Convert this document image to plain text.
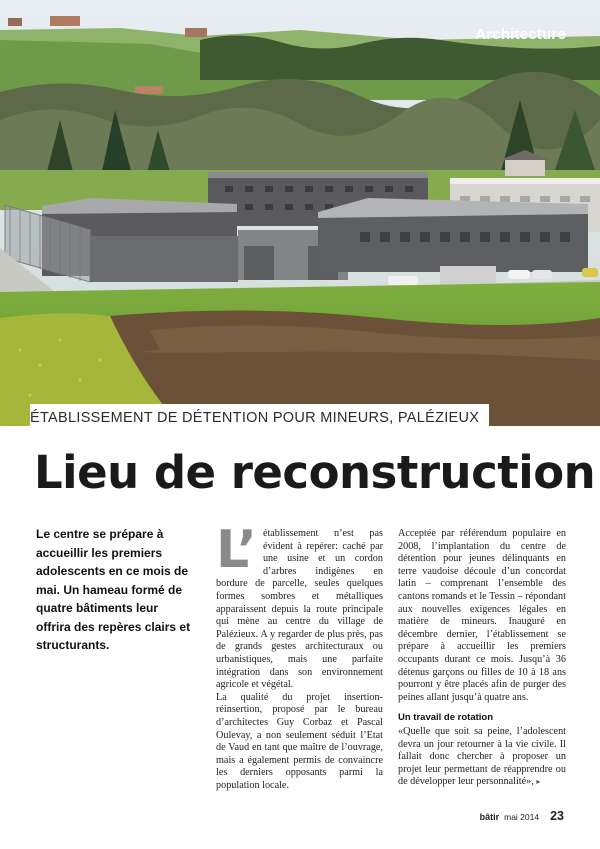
Architecture
ÉTABLISSEMENT DE DÉTENTION POUR MINEURS, PALÉZIEUX
Lieu de reconstruction

Le centre se prépare à accueillir les premiers adolescents en ce mois de mai. Un hameau formé de quatre bâtiments leur offrira des repères clairs et structurants.

L’ établissement n’est pas évident à repérer: caché par une usine et un cordon d’arbres indigènes en bordure de parcelle, seules quelques formes sombres et métalliques apparaissent depuis la route principale qui mène au centre du village de Palézieux. A y regarder de plus près, pas de grands gestes architecturaux ou urbanistiques, mais une parfaite intégration dans son environnement agricole et végétal.

La qualité du projet insertion-réinsertion, proposé par le bureau d’architectes Guy Corbaz et Pascal Oulevay, a non seulement séduit l’Etat de Vaud en tant que maître de l’ouvrage, mais a également permis de convaincre les derniers opposants parmi la population locale.

Acceptée par référendum populaire en 2008, l’implantation du centre de détention pour jeunes délinquants en terre vaudoise découle d’un concordat latin – comprenant l’ensemble des cantons romands et le Tessin – répondant aux nouvelles exigences légales en matière de mineurs. Inauguré en décembre dernier, l’établissement se prépare à accueillir les premiers occupants durant ce mois. Jusqu’à 36 détenus garçons ou filles de 10 à 18 ans pourront y être placés afin de purger des peines allant jusqu’à quatre ans.

Un travail de rotation

«Quelle que soit sa peine, l’adolescent devra un jour retourner à la vie civile. Il fallait donc chercher à proposer un projet leur permettant de réapprendre ou de développer leur personnalité», ▸

bâtir mai 2014 23
